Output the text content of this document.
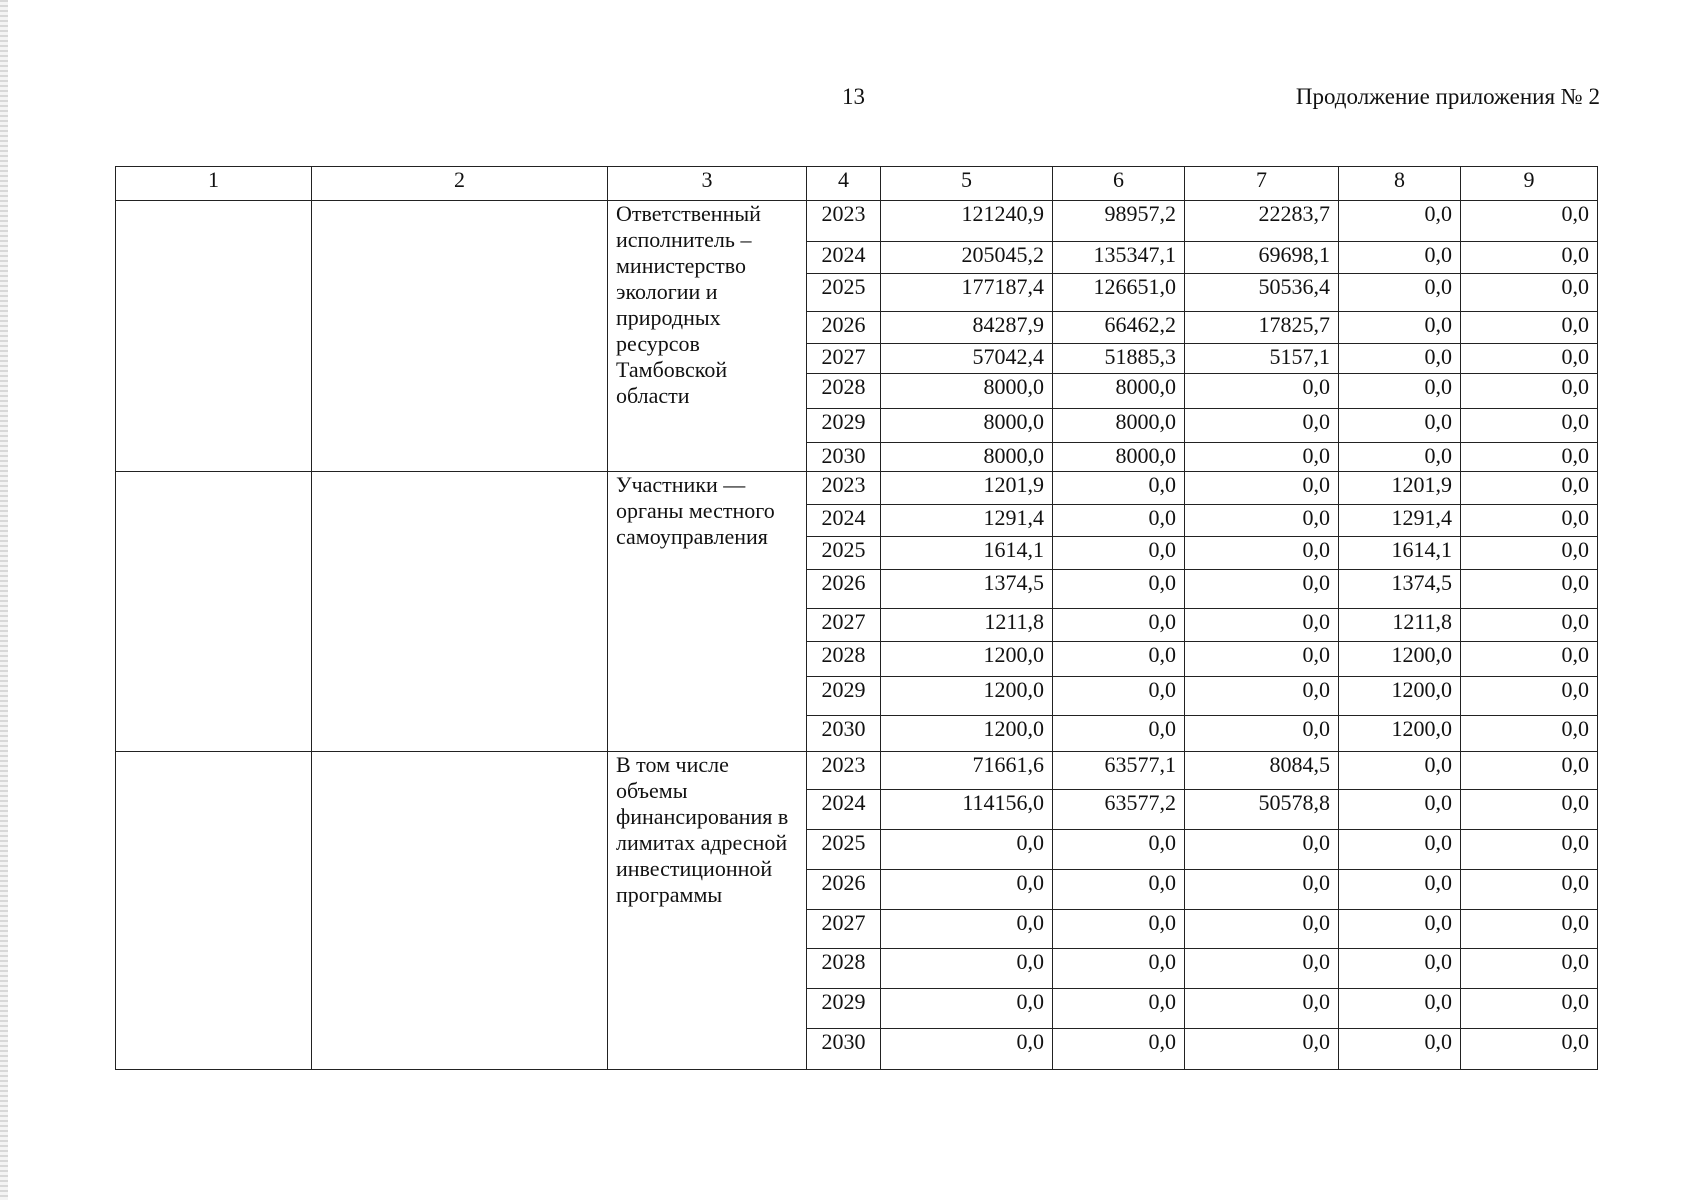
13	Продолжение приложения № 2
1	2	3	4	5	6	7	8	9
		Ответственный исполнитель – министерство экологии и природных ресурсов Тамбовской области	2023	121240,9	98957,2	22283,7	0,0	0,0
			2024	205045,2	135347,1	69698,1	0,0	0,0
			2025	177187,4	126651,0	50536,4	0,0	0,0
			2026	84287,9	66462,2	17825,7	0,0	0,0
			2027	57042,4	51885,3	5157,1	0,0	0,0
			2028	8000,0	8000,0	0,0	0,0	0,0
			2029	8000,0	8000,0	0,0	0,0	0,0
			2030	8000,0	8000,0	0,0	0,0	0,0
		Участники — органы местного самоуправления	2023	1201,9	0,0	0,0	1201,9	0,0
			2024	1291,4	0,0	0,0	1291,4	0,0
			2025	1614,1	0,0	0,0	1614,1	0,0
			2026	1374,5	0,0	0,0	1374,5	0,0
			2027	1211,8	0,0	0,0	1211,8	0,0
			2028	1200,0	0,0	0,0	1200,0	0,0
			2029	1200,0	0,0	0,0	1200,0	0,0
			2030	1200,0	0,0	0,0	1200,0	0,0
		В том числе объемы финансирования в лимитах адресной инвестиционной программы	2023	71661,6	63577,1	8084,5	0,0	0,0
			2024	114156,0	63577,2	50578,8	0,0	0,0
			2025	0,0	0,0	0,0	0,0	0,0
			2026	0,0	0,0	0,0	0,0	0,0
			2027	0,0	0,0	0,0	0,0	0,0
			2028	0,0	0,0	0,0	0,0	0,0
			2029	0,0	0,0	0,0	0,0	0,0
			2030	0,0	0,0	0,0	0,0	0,0
